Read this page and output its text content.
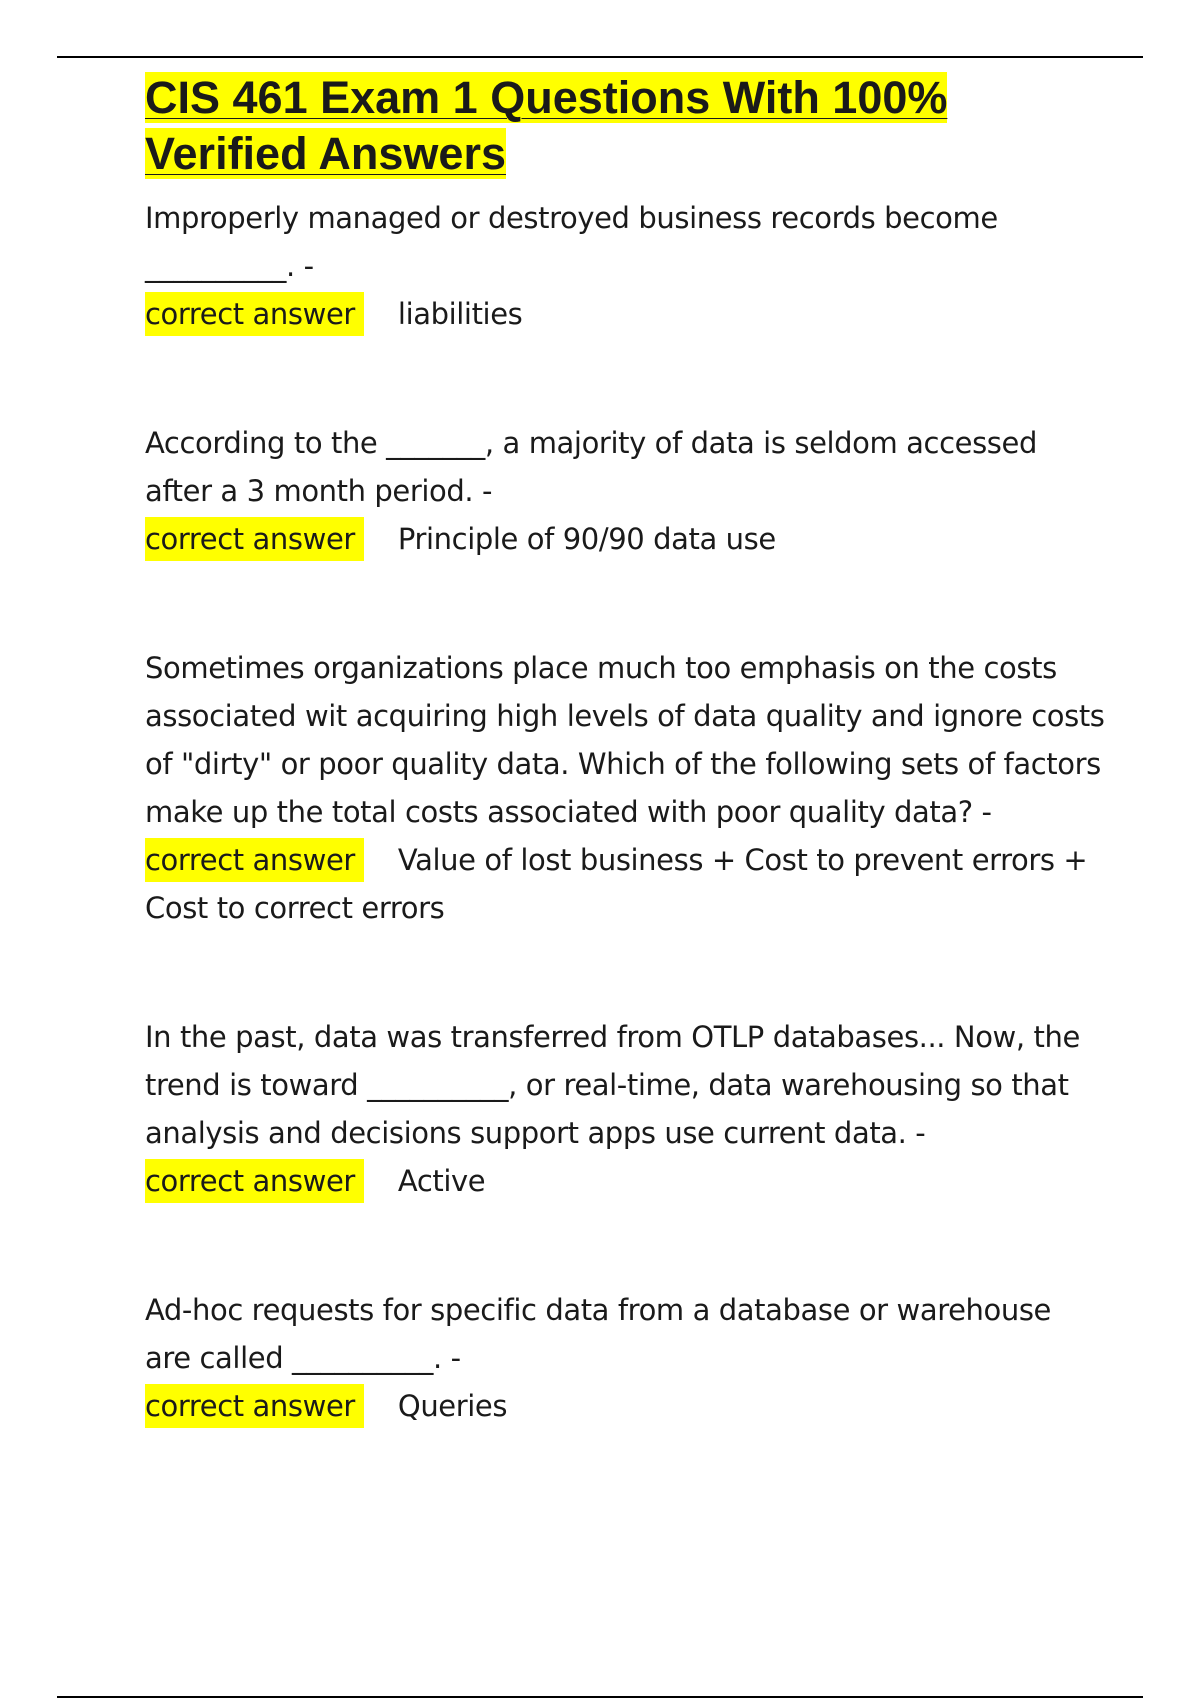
CIS 461 Exam 1 Questions With 100% Verified Answers

Improperly managed or destroyed business records become __________. -

correct answer liabilities

According to the _______, a majority of data is seldom accessed after a 3 month period. -

correct answer Principle of 90/90 data use

Sometimes organizations place much too emphasis on the costs associated wit acquiring high levels of data quality and ignore costs of "dirty" or poor quality data. Which of the following sets of factors make up the total costs associated with poor quality data? -

correct answer Value of lost business + Cost to prevent errors + Cost to correct errors

In the past, data was transferred from OTLP databases... Now, the trend is toward __________, or real-time, data warehousing so that analysis and decisions support apps use current data. -

correct answer Active

Ad-hoc requests for specific data from a database or warehouse are called __________. -

correct answer Queries
